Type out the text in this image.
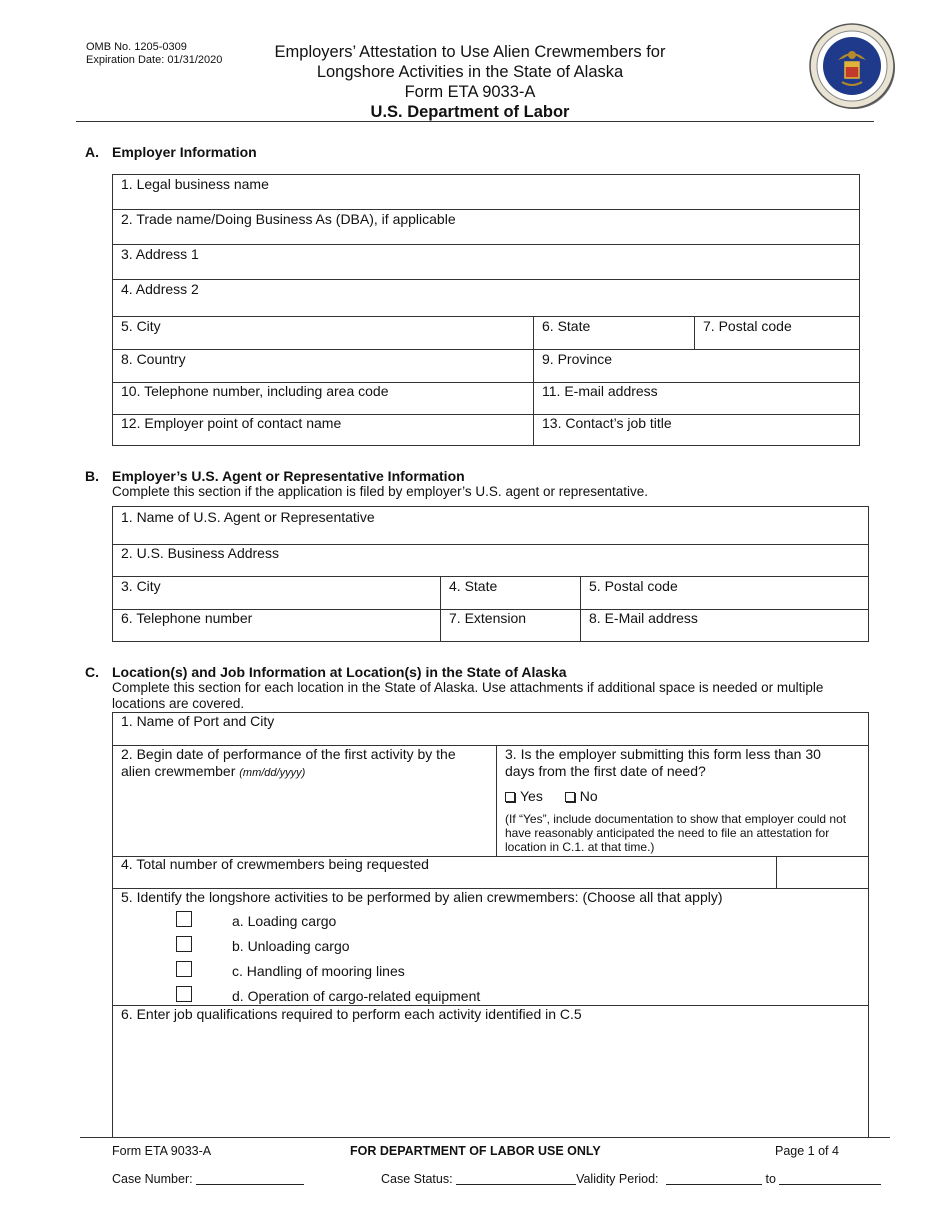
OMB No. 1205-0309
Expiration Date: 01/31/2020	Employers’ Attestation to Use Alien Crewmembers for
Longshore Activities in the State of Alaska
Form ETA 9033-A
U.S. Department of Labor
A. Employer Information
1. Legal business name
2. Trade name/Doing Business As (DBA), if applicable
3. Address 1
4. Address 2
5. City	6. State	7. Postal code
8. Country	9. Province
10. Telephone number, including area code	11. E-mail address
12. Employer point of contact name	13. Contact’s job title
B. Employer’s U.S. Agent or Representative Information
Complete this section if the application is filed by employer’s U.S. agent or representative.
1. Name of U.S. Agent or Representative
2. U.S. Business Address
3. City	4. State	5. Postal code
6. Telephone number	7. Extension	8. E-Mail address
C. Location(s) and Job Information at Location(s) in the State of Alaska
Complete this section for each location in the State of Alaska. Use attachments if additional space is needed or multiple locations are covered.
1. Name of Port and City
2. Begin date of performance of the first activity by the
alien crewmember (mm/dd/yyyy)
3. Is the employer submitting this form less than 30
days from the first date of need?
Yes	No
(If “Yes”, include documentation to show that employer could not have reasonably anticipated the need to file an attestation for location in C.1. at that time.)
4. Total number of crewmembers being requested
5. Identify the longshore activities to be performed by alien crewmembers: (Choose all that apply)
a. Loading cargo
b. Unloading cargo
c. Handling of mooring lines
d. Operation of cargo-related equipment
6. Enter job qualifications required to perform each activity identified in C.5
Form ETA 9033-A	FOR DEPARTMENT OF LABOR USE ONLY	Page 1 of 4
Case Number:	Case Status:	Validity Period:	to
